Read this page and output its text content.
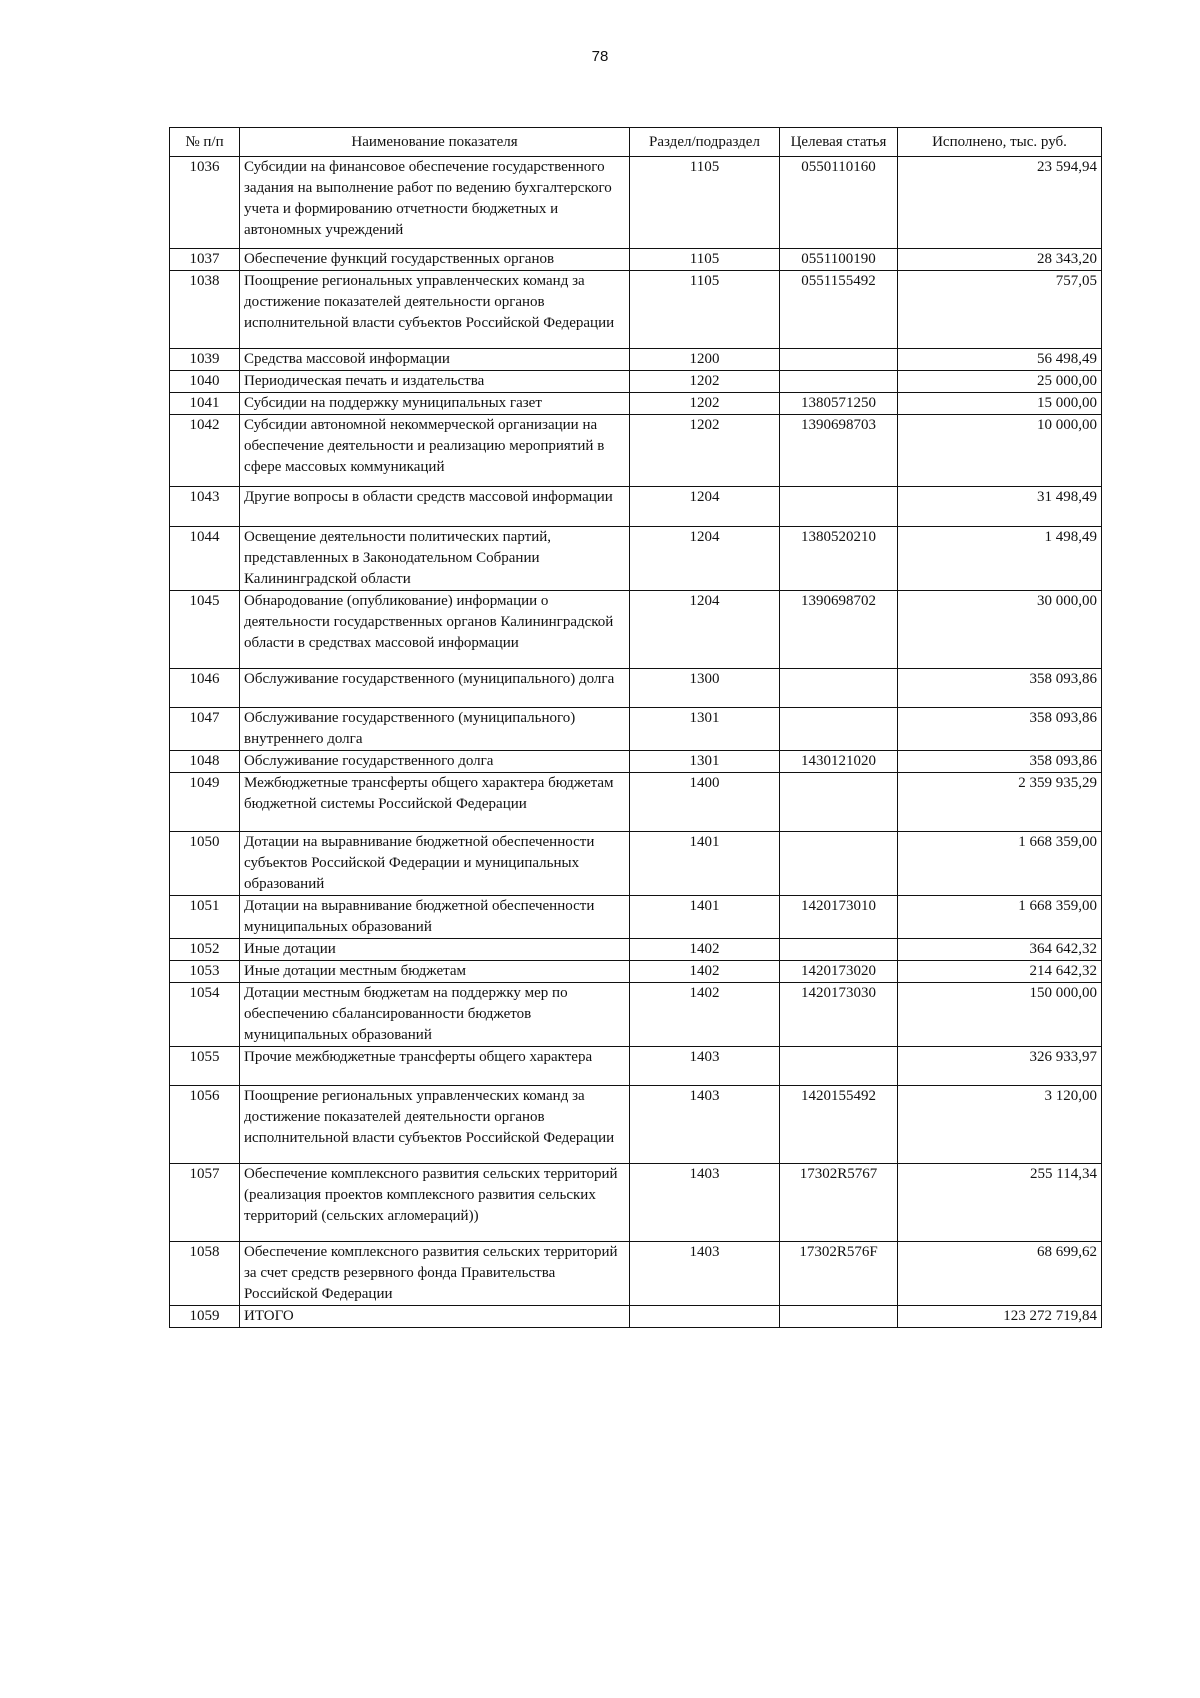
78
№ п/п	Наименование показателя	Раздел/подраздел	Целевая статья	Исполнено, тыс. руб.
1036	Субсидии на финансовое обеспечение государственного задания на выполнение работ по ведению бухгалтерского учета и формированию отчетности бюджетных и автономных учреждений	1105	0550110160	23 594,94
1037	Обеспечение функций государственных органов	1105	0551100190	28 343,20
1038	Поощрение региональных управленческих команд за достижение показателей деятельности органов исполнительной власти субъектов Российской Федерации	1105	0551155492	757,05
1039	Средства массовой информации	1200		56 498,49
1040	Периодическая печать и издательства	1202		25 000,00
1041	Субсидии на поддержку муниципальных газет	1202	1380571250	15 000,00
1042	Субсидии автономной некоммерческой организации на обеспечение деятельности и реализацию мероприятий в сфере массовых коммуникаций	1202	1390698703	10 000,00
1043	Другие вопросы в области средств массовой информации	1204		31 498,49
1044	Освещение деятельности политических партий, представленных в Законодательном Собрании Калининградской области	1204	1380520210	1 498,49
1045	Обнародование (опубликование) информации о деятельности государственных органов Калининградской области в средствах массовой информации	1204	1390698702	30 000,00
1046	Обслуживание государственного (муниципального) долга	1300		358 093,86
1047	Обслуживание государственного (муниципального) внутреннего долга	1301		358 093,86
1048	Обслуживание государственного долга	1301	1430121020	358 093,86
1049	Межбюджетные трансферты общего характера бюджетам бюджетной системы Российской Федерации	1400		2 359 935,29
1050	Дотации на выравнивание бюджетной обеспеченности субъектов Российской Федерации и муниципальных образований	1401		1 668 359,00
1051	Дотации на выравнивание бюджетной обеспеченности муниципальных образований	1401	1420173010	1 668 359,00
1052	Иные дотации	1402		364 642,32
1053	Иные дотации местным бюджетам	1402	1420173020	214 642,32
1054	Дотации местным бюджетам на поддержку мер по обеспечению сбалансированности бюджетов муниципальных образований	1402	1420173030	150 000,00
1055	Прочие межбюджетные трансферты общего характера	1403		326 933,97
1056	Поощрение региональных управленческих команд за достижение показателей деятельности органов исполнительной власти субъектов Российской Федерации	1403	1420155492	3 120,00
1057	Обеспечение комплексного развития сельских территорий (реализация проектов комплексного развития сельских территорий (сельских агломераций))	1403	17302R5767	255 114,34
1058	Обеспечение комплексного развития сельских территорий за счет средств резервного фонда Правительства Российской Федерации	1403	17302R576F	68 699,62
1059	ИТОГО			123 272 719,84
